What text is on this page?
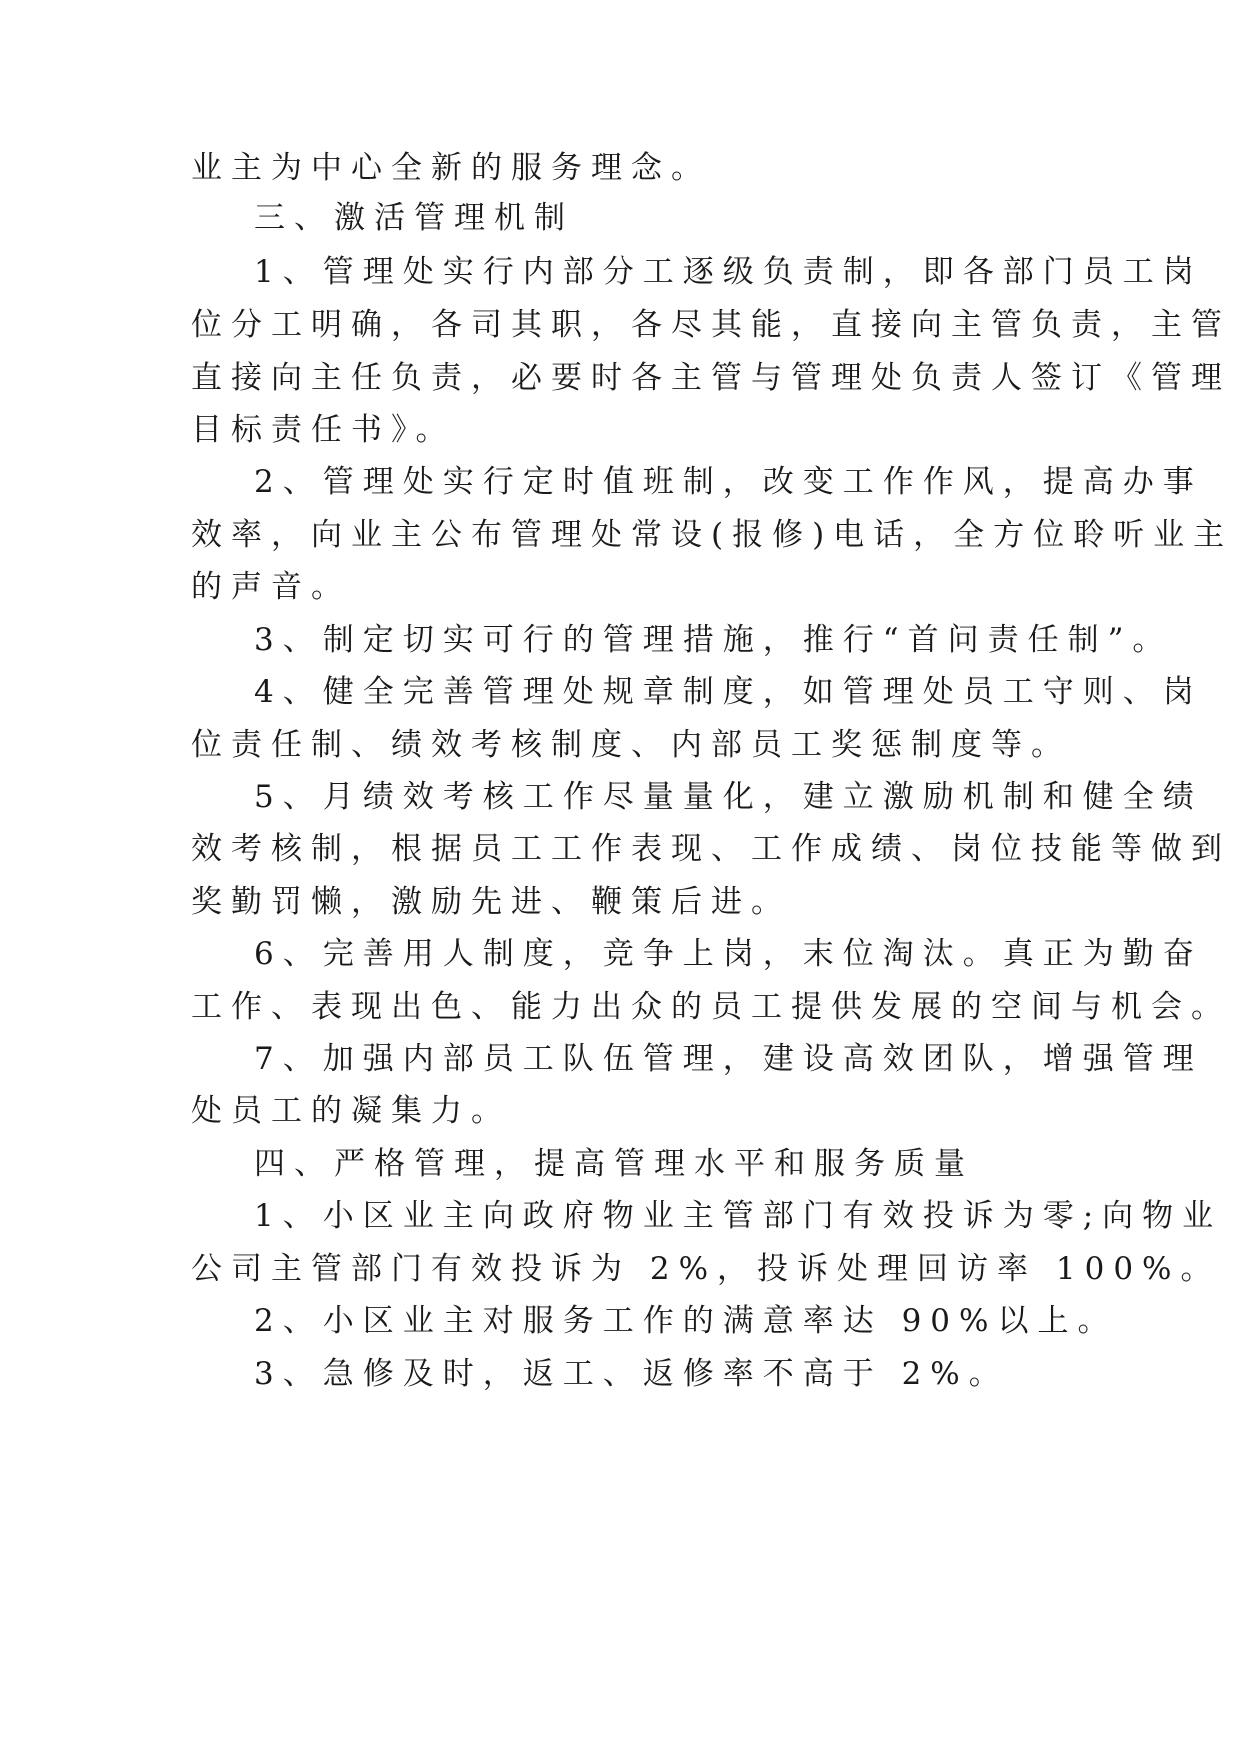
业主为中心全新的服务理念。
三、激活管理机制
1、管理处实行内部分工逐级负责制，即各部门员工岗
位分工明确，各司其职，各尽其能，直接向主管负责，主管
直接向主任负责，必要时各主管与管理处负责人签订《管理
目标责任书》。
2、管理处实行定时值班制，改变工作作风，提高办事
效率，向业主公布管理处常设(报修)电话，全方位聆听业主
的声音。
3、制定切实可行的管理措施，推行“首问责任制”。
4、健全完善管理处规章制度，如管理处员工守则、岗
位责任制、绩效考核制度、内部员工奖惩制度等。
5、月绩效考核工作尽量量化，建立激励机制和健全绩
效考核制，根据员工工作表现、工作成绩、岗位技能等做到
奖勤罚懒，激励先进、鞭策后进。
6、完善用人制度，竞争上岗，末位淘汰。真正为勤奋
工作、表现出色、能力出众的员工提供发展的空间与机会。
7、加强内部员工队伍管理，建设高效团队，增强管理
处员工的凝集力。
四、严格管理，提高管理水平和服务质量
1、小区业主向政府物业主管部门有效投诉为零;向物业
公司主管部门有效投诉为 2%，投诉处理回访率 100%。
2、小区业主对服务工作的满意率达 90%以上。
3、急修及时，返工、返修率不高于 2%。
